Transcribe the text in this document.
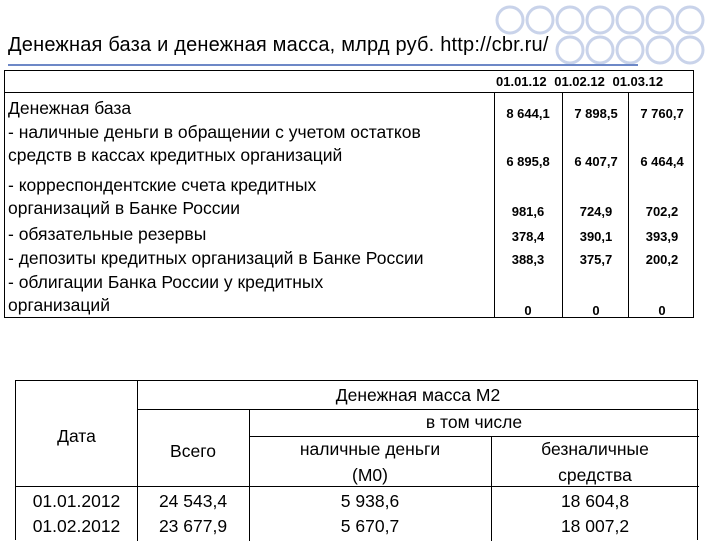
Денежная база и денежная масса, млрд руб. http://cbr.ru/
01.01.12 01.02.12 01.03.12
Денежная база	8 644,1	7 898,5	7 760,7
- наличные деньги в обращении с учетом остатков
средств в кассах кредитных организаций	6 895,8	6 407,7	6 464,4
- корреспондентские счета кредитных
организаций в Банке России	981,6	724,9	702,2
- обязательные резервы	378,4	390,1	393,9
- депозиты кредитных организаций в Банке России	388,3	375,7	200,2
- облигации Банка России у кредитных
организаций	0	0	0
Дата
Денежная масса М2
Всего
в том числе
наличные деньги
(М0)
безналичные
средства
01.01.2012	24 543,4	5 938,6	18 604,8
01.02.2012	23 677,9	5 670,7	18 007,2
